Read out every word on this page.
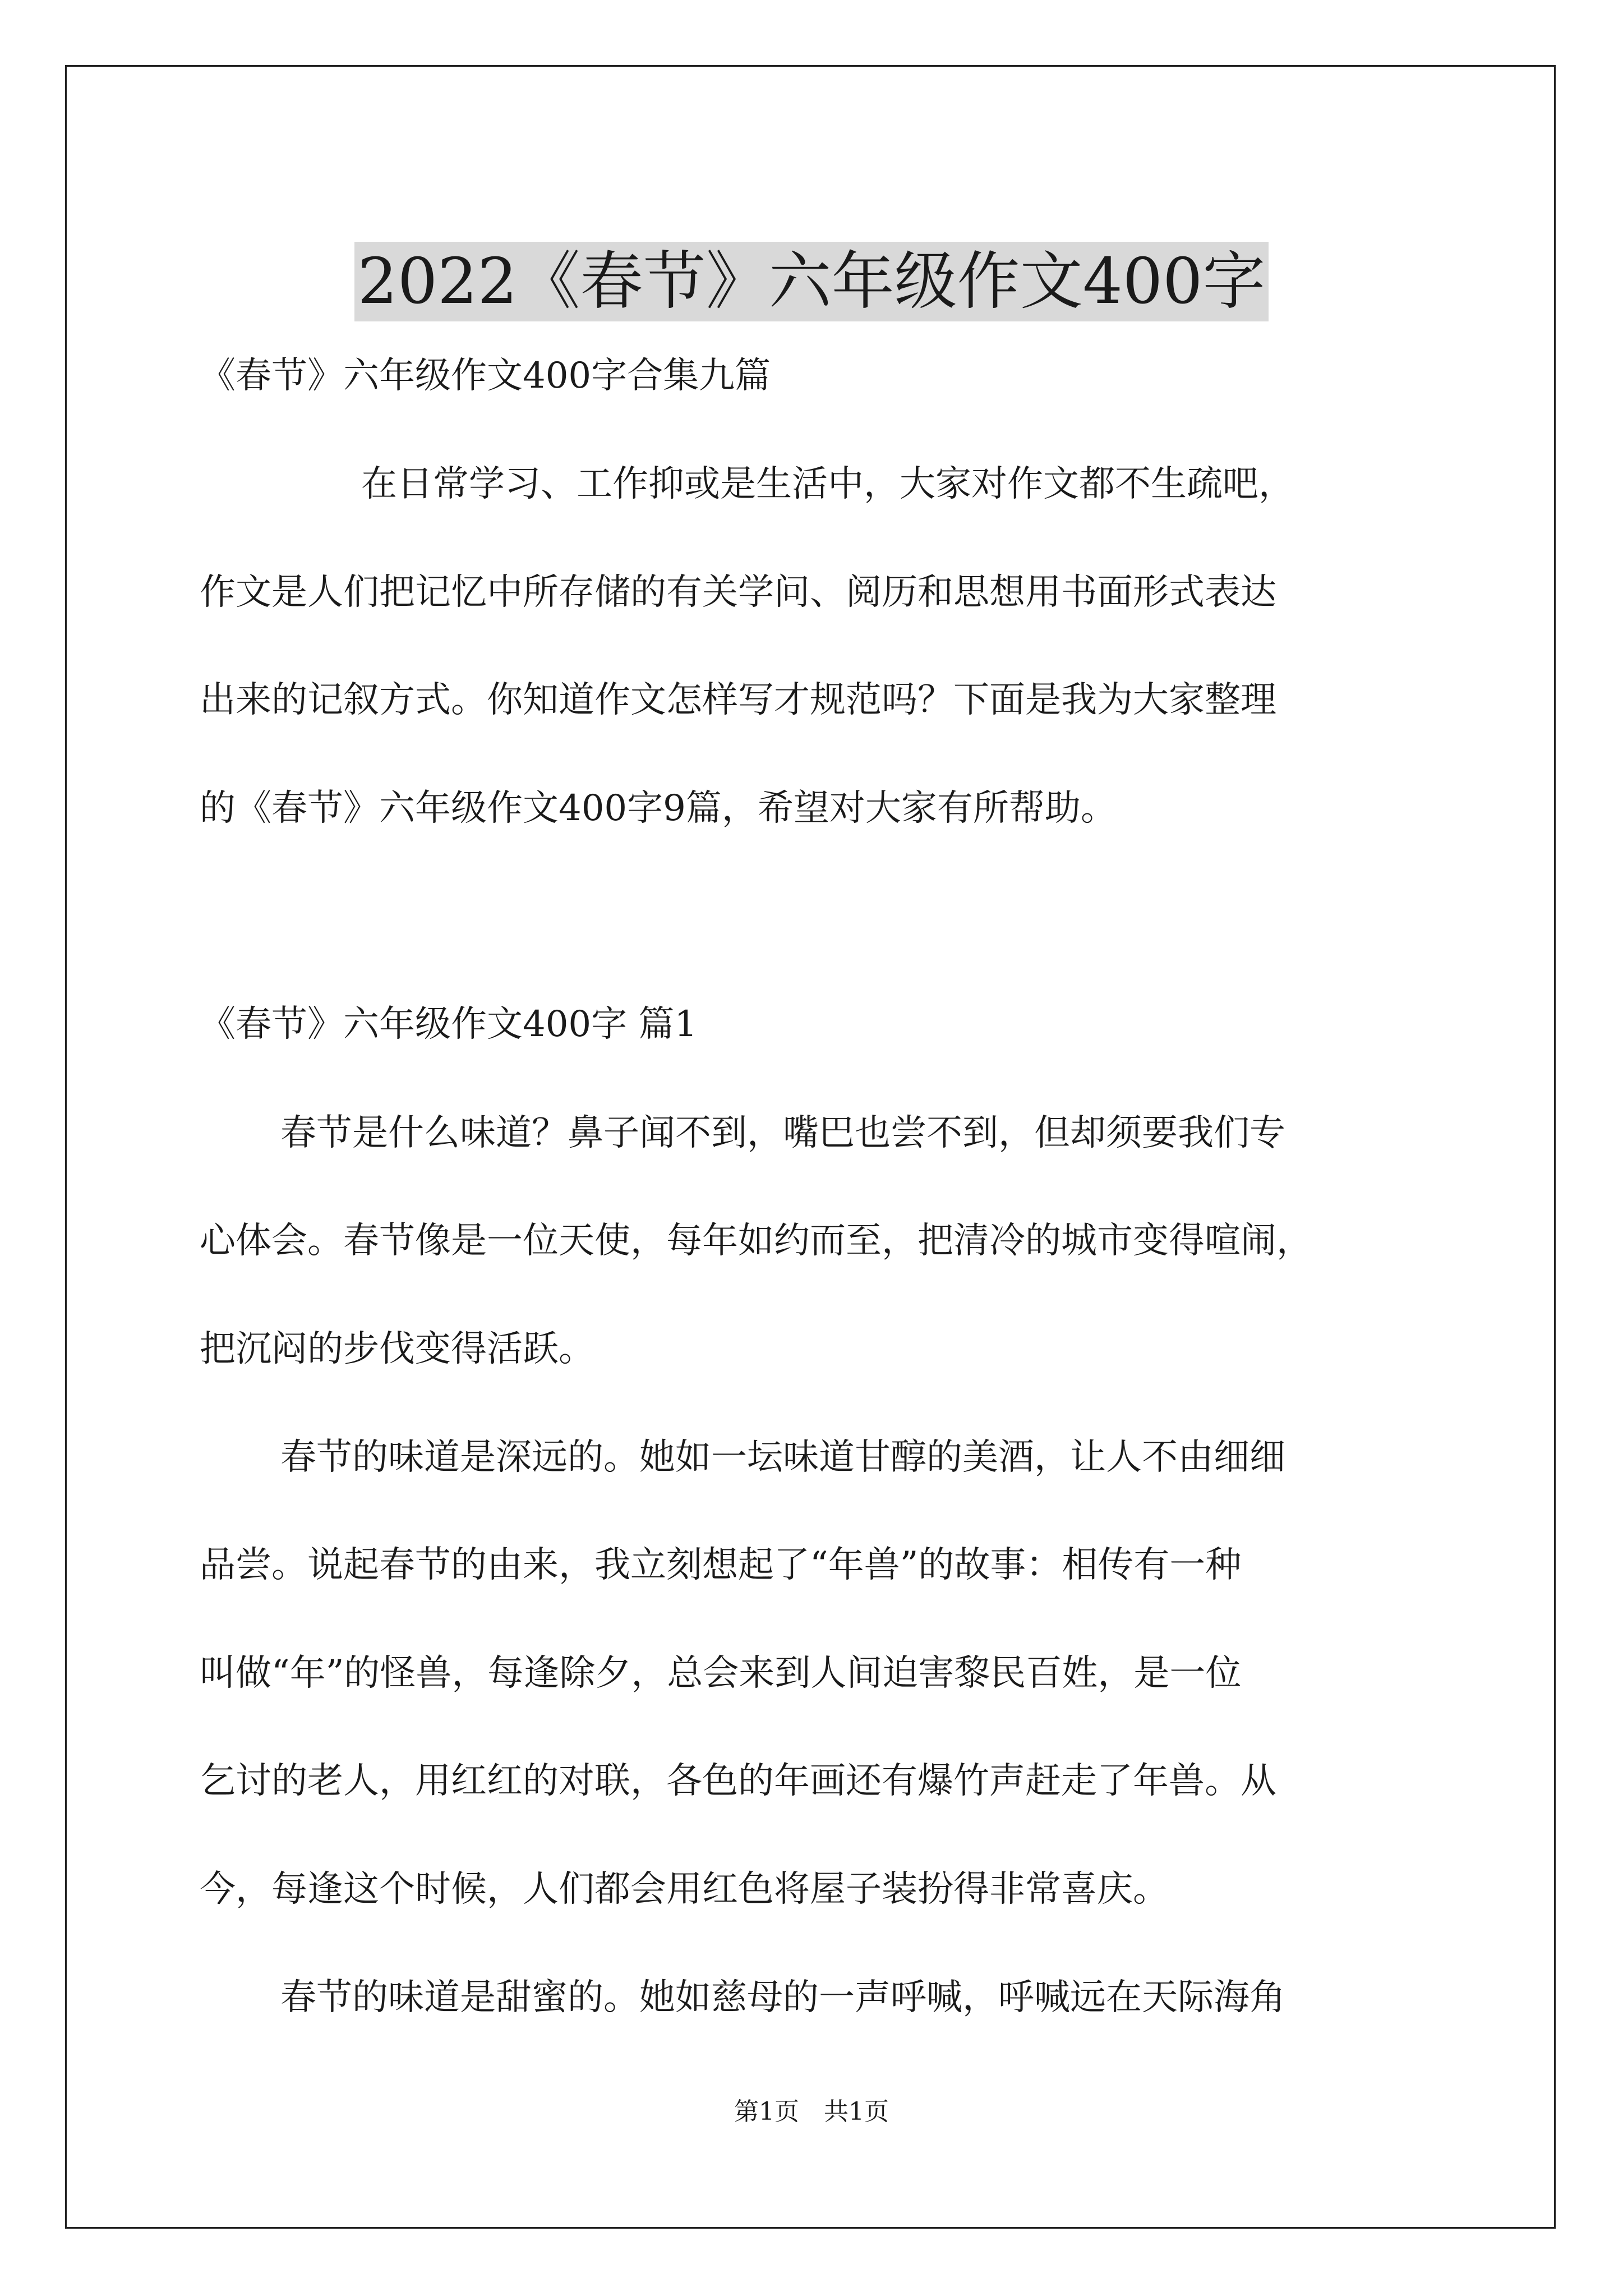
2022《春节》六年级作文400字
《春节》六年级作文400字合集九篇
在日常学习、工作抑或是生活中，大家对作文都不生疏吧，
作文是人们把记忆中所存储的有关学问、阅历和思想用书面形式表达
出来的记叙方式。你知道作文怎样写才规范吗？下面是我为大家整理
的《春节》六年级作文400字9篇，希望对大家有所帮助。
《春节》六年级作文400字 篇1
春节是什么味道？鼻子闻不到，嘴巴也尝不到，但却须要我们专
心体会。春节像是一位天使，每年如约而至，把清冷的城市变得喧闹，
把沉闷的步伐变得活跃。
春节的味道是深远的。她如一坛味道甘醇的美酒，让人不由细细
品尝。说起春节的由来，我立刻想起了“年兽”的故事：相传有一种
叫做“年”的怪兽，每逢除夕，总会来到人间迫害黎民百姓，是一位
乞讨的老人，用红红的对联，各色的年画还有爆竹声赶走了年兽。从
今，每逢这个时候，人们都会用红色将屋子装扮得非常喜庆。
春节的味道是甜蜜的。她如慈母的一声呼喊，呼喊远在天际海角
第1页　共1页
